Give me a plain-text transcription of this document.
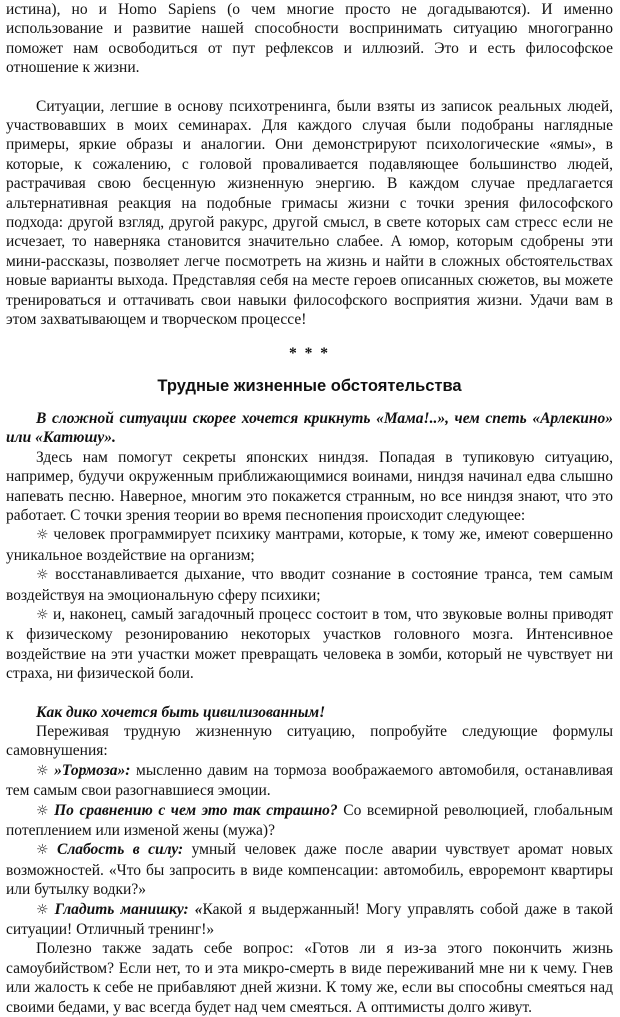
истина), но и Homo Sapiens (о чем многие просто не догадываются). И именно использование и развитие нашей способности воспринимать ситуацию многогранно поможет нам освободиться от пут рефлексов и иллюзий. Это и есть философское отношение к жизни.

Ситуации, легшие в основу психотренинга, были взяты из записок реальных людей, участвовавших в моих семинарах. Для каждого случая были подобраны наглядные примеры, яркие образы и аналогии. Они демонстрируют психологические «ямы», в которые, к сожалению, с головой проваливается подавляющее большинство людей, растрачивая свою бесценную жизненную энергию. В каждом случае предлагается альтернативная реакция на подобные гримасы жизни с точки зрения философского подхода: другой взгляд, другой ракурс, другой смысл, в свете которых сам стресс если не исчезает, то наверняка становится значительно слабее. А юмор, которым сдобрены эти мини-рассказы, позволяет легче посмотреть на жизнь и найти в сложных обстоятельствах новые варианты выхода. Представляя себя на месте героев описанных сюжетов, вы можете тренироваться и оттачивать свои навыки философского восприятия жизни. Удачи вам в этом захватывающем и творческом процессе!

* * *
Трудные жизненные обстоятельства

В сложной ситуации скорее хочется крикнуть «Мама!..», чем спеть «Арлекино» или «Катюшу».

Здесь нам помогут секреты японских ниндзя. Попадая в тупиковую ситуацию, например, будучи окруженным приближающимися воинами, ниндзя начинал едва слышно напевать песню. Наверное, многим это покажется странным, но все ниндзя знают, что это работает. С точки зрения теории во время песнопения происходит следующее:

☼ человек программирует психику мантрами, которые, к тому же, имеют совершенно уникальное воздействие на организм;

☼ восстанавливается дыхание, что вводит сознание в состояние транса, тем самым воздействуя на эмоциональную сферу психики;

☼ и, наконец, самый загадочный процесс состоит в том, что звуковые волны приводят к физическому резонированию некоторых участков головного мозга. Интенсивное воздействие на эти участки может превращать человека в зомби, который не чувствует ни страха, ни физической боли.

Как дико хочется быть цивилизованным!

Переживая трудную жизненную ситуацию, попробуйте следующие формулы самовнушения:

☼ »Тормоза»: мысленно давим на тормоза воображаемого автомобиля, останавливая тем самым свои разогнавшиеся эмоции.

☼ По сравнению с чем это так страшно? Со всемирной революцией, глобальным потеплением или изменой жены (мужа)?

☼ Слабость в силу: умный человек даже после аварии чувствует аромат новых возможностей. «Что бы запросить в виде компенсации: автомобиль, евроремонт квартиры или бутылку водки?»

☼ Гладить манишку: «Какой я выдержанный! Могу управлять собой даже в такой ситуации! Отличный тренинг!»

Полезно также задать себе вопрос: «Готов ли я из-за этого покончить жизнь самоубийством? Если нет, то и эта микро-смерть в виде переживаний мне ни к чему. Гнев или жалость к себе не прибавляют дней жизни. К тому же, если вы способны смеяться над своими бедами, у вас всегда будет над чем смеяться. А оптимисты долго живут.
